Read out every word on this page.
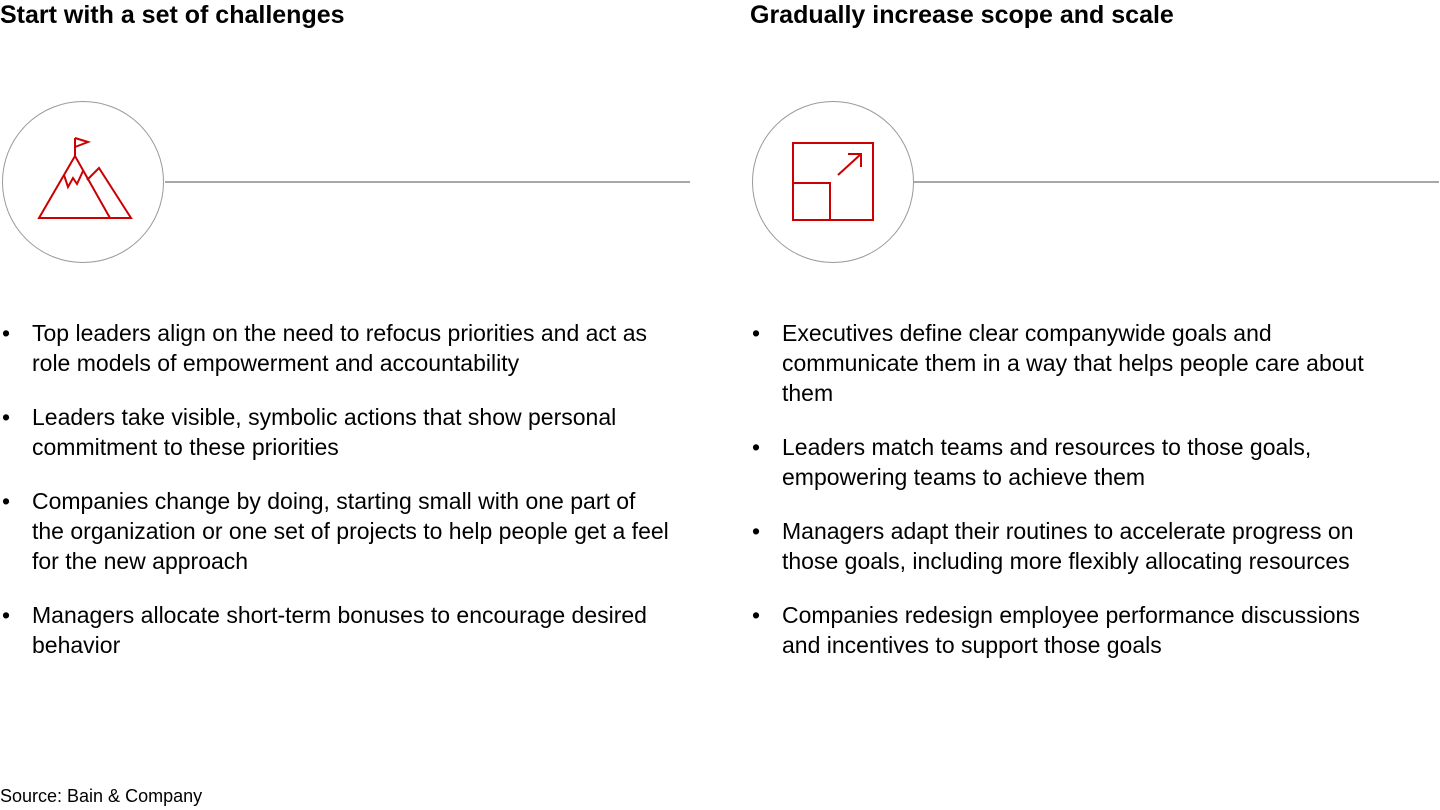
Start with a set of challenges
• Top leaders align on the need to refocus priorities and act as role models of empowerment and accountability
• Leaders take visible, symbolic actions that show personal commitment to these priorities
• Companies change by doing, starting small with one part of the organization or one set of projects to help people get a feel for the new approach
• Managers allocate short-term bonuses to encourage desired behavior
Gradually increase scope and scale
• Executives define clear companywide goals and communicate them in a way that helps people care about them
• Leaders match teams and resources to those goals, empowering teams to achieve them
• Managers adapt their routines to accelerate progress on those goals, including more flexibly allocating resources
• Companies redesign employee performance discussions and incentives to support those goals

Source: Bain & Company
